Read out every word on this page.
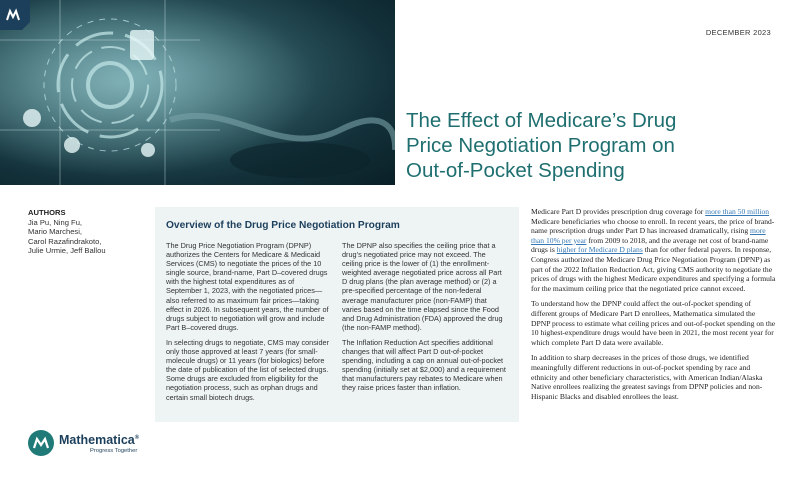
DECEMBER 2023
The Effect of Medicare’s Drug
Price Negotiation Program on
Out-of-Pocket Spending
AUTHORS
Jia Pu, Ning Fu,
Mario Marchesi,
Carol Razafindrakoto,
Julie Urmie, Jeff Ballou
Overview of the Drug Price Negotiation Program

The Drug Price Negotiation Program (DPNP) authorizes the Centers for Medicare & Medicaid Services (CMS) to negotiate the prices of the 10 single source, brand-name, Part D–covered drugs with the highest total expenditures as of September 1, 2023, with the negotiated prices—also referred to as maximum fair prices—taking effect in 2026. In subsequent years, the number of drugs subject to negotiation will grow and include Part B–covered drugs.

In selecting drugs to negotiate, CMS may consider only those approved at least 7 years (for small-molecule drugs) or 11 years (for biologics) before the date of publication of the list of selected drugs. Some drugs are excluded from eligibility for the negotiation process, such as orphan drugs and certain small biotech drugs.

The DPNP also specifies the ceiling price that a drug’s negotiated price may not exceed. The ceiling price is the lower of (1) the enrollment-weighted average negotiated price across all Part D drug plans (the plan average method) or (2) a pre-specified percentage of the non-federal average manufacturer price (non-FAMP) that varies based on the time elapsed since the Food and Drug Administration (FDA) approved the drug (the non-FAMP method).

The Inflation Reduction Act specifies additional changes that will affect Part D out-of-pocket spending, including a cap on annual out-of-pocket spending (initially set at $2,000) and a requirement that manufacturers pay rebates to Medicare when they raise prices faster than inflation.

Medicare Part D provides prescription drug coverage for more than 50 million Medicare beneficiaries who choose to enroll. In recent years, the price of brand-name prescription drugs under Part D has increased dramatically, rising more than 10% per year from 2009 to 2018, and the average net cost of brand-name drugs is higher for Medicare D plans than for other federal payers. In response, Congress authorized the Medicare Drug Price Negotiation Program (DPNP) as part of the 2022 Inflation Reduction Act, giving CMS authority to negotiate the prices of drugs with the highest Medicare expenditures and specifying a formula for the maximum ceiling price that the negotiated price cannot exceed.

To understand how the DPNP could affect the out-of-pocket spending of different groups of Medicare Part D enrollees, Mathematica simulated the DPNP process to estimate what ceiling prices and out-of-pocket spending on the 10 highest-expenditure drugs would have been in 2021, the most recent year for which complete Part D data were available.

In addition to sharp decreases in the prices of those drugs, we identified meaningfully different reductions in out-of-pocket spending by race and ethnicity and other beneficiary characteristics, with American Indian/Alaska Native enrollees realizing the greatest savings from DPNP policies and non-Hispanic Blacks and disabled enrollees the least.

Mathematica®
Progress Together
